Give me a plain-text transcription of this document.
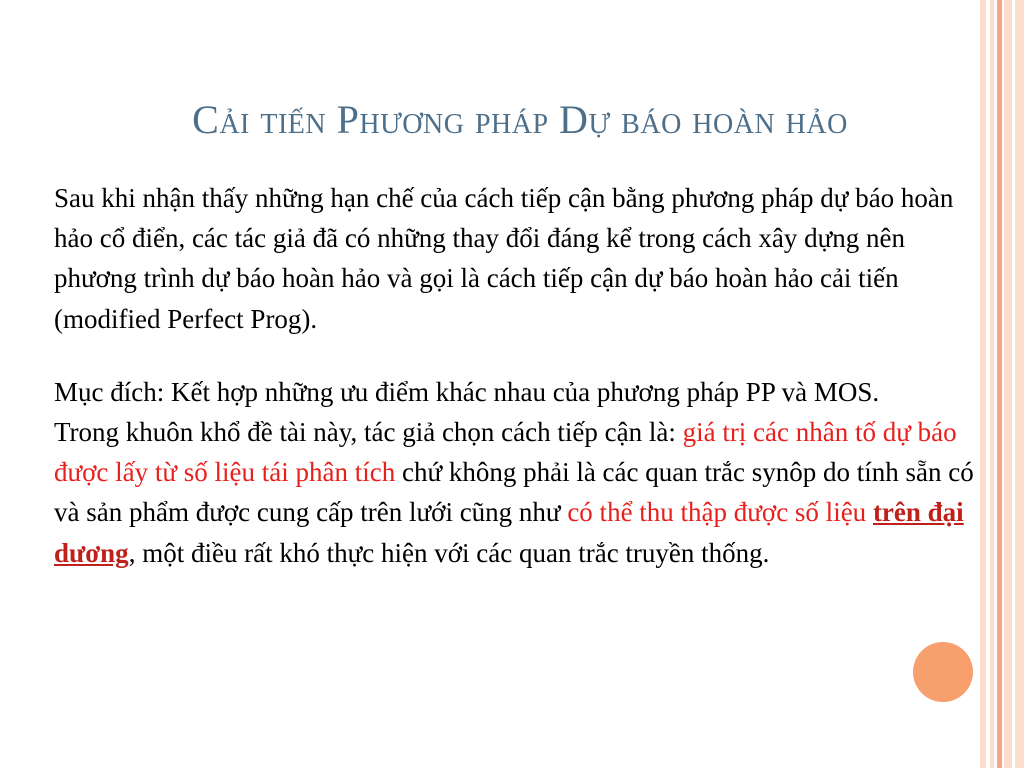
Cải tiến Phương pháp Dự báo hoàn hảo

Sau khi nhận thấy những hạn chế của cách tiếp cận bằng phương pháp dự báo hoàn hảo cổ điển, các tác giả đã có những thay đổi đáng kể trong cách xây dựng nên phương trình dự báo hoàn hảo và gọi là cách tiếp cận dự báo hoàn hảo cải tiến (modified Perfect Prog).

Mục đích: Kết hợp những ưu điểm khác nhau của phương pháp PP và MOS.

Trong khuôn khổ đề tài này, tác giả chọn cách tiếp cận là: giá trị các nhân tố dự báo được lấy từ số liệu tái phân tích chứ không phải là các quan trắc synôp do tính sẵn có và sản phẩm được cung cấp trên lưới cũng như có thể thu thập được số liệu trên đại dương, một điều rất khó thực hiện với các quan trắc truyền thống.
